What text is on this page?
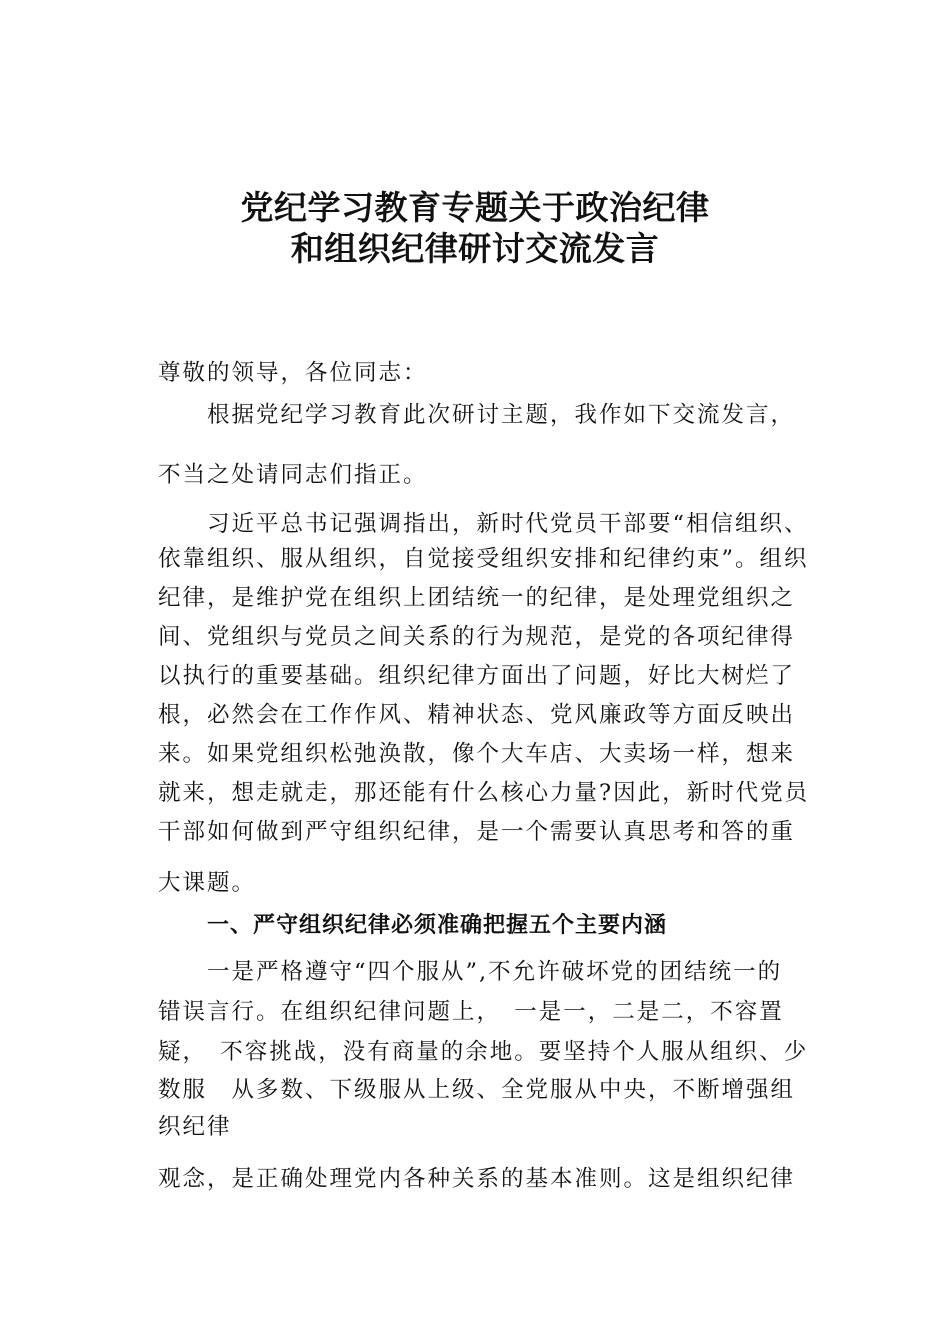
党纪学习教育专题关于政治纪律
和组织纪律研讨交流发言
尊敬的领导，各位同志：
根据党纪学习教育此次研讨主题，我作如下交流发言，
不当之处请同志们指正。
习近平总书记强调指出，新时代党员干部要“相信组织、
依靠组织、服从组织，自觉接受组织安排和纪律约束”。组织
纪律，是维护党在组织上团结统一的纪律，是处理党组织之
间、党组织与党员之间关系的行为规范，是党的各项纪律得
以执行的重要基础。组织纪律方面出了问题，好比大树烂了
根，必然会在工作作风、精神状态、党风廉政等方面反映出
来。如果党组织松弛涣散，像个大车店、大卖场一样，想来
就来，想走就走，那还能有什么核心力量?因此，新时代党员
干部如何做到严守组织纪律，是一个需要认真思考和答的重
大课题。
一、严守组织纪律必须准确把握五个主要内涵
一是严格遵守“四个服从”,不允许破坏党的团结统一的
错误言行。在组织纪律问题上，　一是一，二是二，不容置
疑，　不容挑战，没有商量的余地。要坚持个人服从组织、少
数服　从多数、下级服从上级、全党服从中央，不断增强组
织纪律
观念，是正确处理党内各种关系的基本准则。这是组织纪律
